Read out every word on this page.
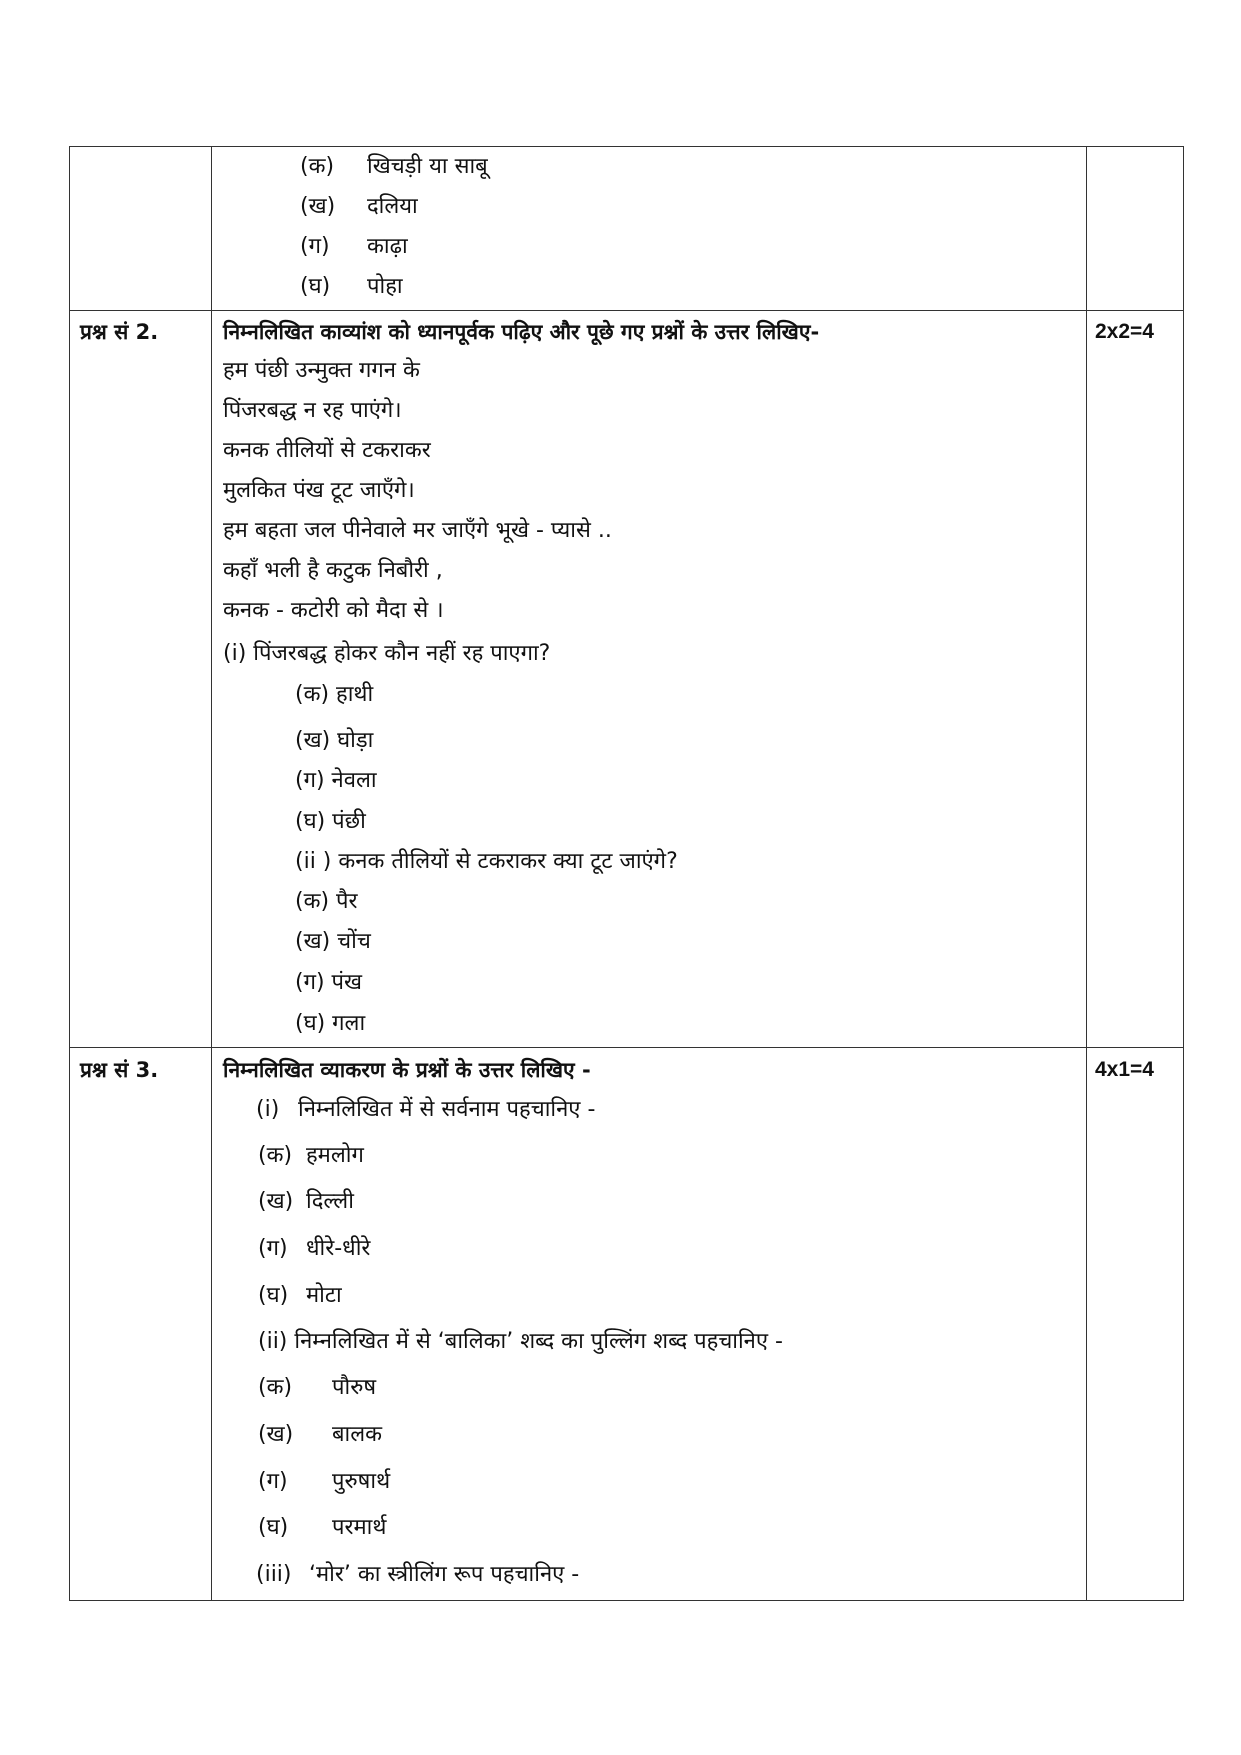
(क) खिचड़ी या साबू
(ख) दलिया
(ग) काढ़ा
(घ) पोहा
प्रश्न सं 2.	निम्नलिखित काव्यांश को ध्यानपूर्वक पढ़िए और पूछे गए प्रश्नों के उत्तर लिखिए-	2x2=4
हम पंछी उन्मुक्त गगन के
पिंजरबद्ध न रह पाएंगे।
कनक तीलियों से टकराकर
मुलकित पंख टूट जाएँगे।
हम बहता जल पीनेवाले मर जाएँगे भूखे - प्यासे ..
कहाँ भली है कटुक निबौरी ,
कनक - कटोरी को मैदा से ।
(i) पिंजरबद्ध होकर कौन नहीं रह पाएगा?
(क) हाथी
(ख) घोड़ा
(ग) नेवला
(घ) पंछी
(ii ) कनक तीलियों से टकराकर क्या टूट जाएंगे?
(क) पैर
(ख) चोंच
(ग) पंख
(घ) गला
प्रश्न सं 3.	निम्नलिखित व्याकरण के प्रश्नों के उत्तर लिखिए -	4x1=4
(i) निम्नलिखित में से सर्वनाम पहचानिए -
(क) हमलोग
(ख) दिल्ली
(ग) धीरे-धीरे
(घ) मोटा
(ii) निम्नलिखित में से ‘बालिका’ शब्द का पुल्लिंग शब्द पहचानिए -
(क) पौरुष
(ख) बालक
(ग) पुरुषार्थ
(घ) परमार्थ
(iii) ‘मोर’ का स्त्रीलिंग रूप पहचानिए -
